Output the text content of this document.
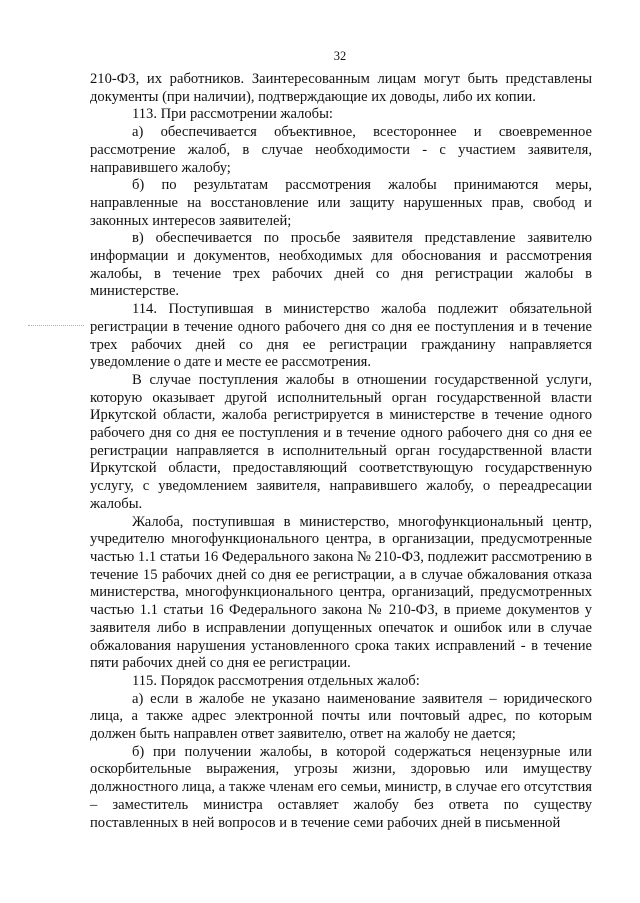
32

210-ФЗ, их работников. Заинтересованным лицам могут быть представлены документы (при наличии), подтверждающие их доводы, либо их копии.

113. При рассмотрении жалобы:

а) обеспечивается объективное, всестороннее и своевременное рассмотрение жалоб, в случае необходимости - с участием заявителя, направившего жалобу;

б) по результатам рассмотрения жалобы принимаются меры, направленные на восстановление или защиту нарушенных прав, свобод и законных интересов заявителей;

в) обеспечивается по просьбе заявителя представление заявителю информации и документов, необходимых для обоснования и рассмотрения жалобы, в течение трех рабочих дней со дня регистрации жалобы в министерстве.

114. Поступившая в министерство жалоба подлежит обязательной регистрации в течение одного рабочего дня со дня ее поступления и в течение трех рабочих дней со дня ее регистрации гражданину направляется уведомление о дате и месте ее рассмотрения.

В случае поступления жалобы в отношении государственной услуги, которую оказывает другой исполнительный орган государственной власти Иркутской области, жалоба регистрируется в министерстве в течение одного рабочего дня со дня ее поступления и в течение одного рабочего дня со дня ее регистрации направляется в исполнительный орган государственной власти Иркутской области, предоставляющий соответствующую государственную услугу, с уведомлением заявителя, направившего жалобу, о переадресации жалобы.

Жалоба, поступившая в министерство, многофункциональный центр, учредителю многофункционального центра, в организации, предусмотренные частью 1.1 статьи 16 Федерального закона № 210-ФЗ, подлежит рассмотрению в течение 15 рабочих дней со дня ее регистрации, а в случае обжалования отказа министерства, многофункционального центра, организаций, предусмотренных частью 1.1 статьи 16 Федерального закона № 210-ФЗ, в приеме документов у заявителя либо в исправлении допущенных опечаток и ошибок или в случае обжалования нарушения установленного срока таких исправлений - в течение пяти рабочих дней со дня ее регистрации.

115. Порядок рассмотрения отдельных жалоб:

а) если в жалобе не указано наименование заявителя – юридического лица, а также адрес электронной почты или почтовый адрес, по которым должен быть направлен ответ заявителю, ответ на жалобу не дается;

б) при получении жалобы, в которой содержаться нецензурные или оскорбительные выражения, угрозы жизни, здоровью или имуществу должностного лица, а также членам его семьи, министр, в случае его отсутствия – заместитель министра оставляет жалобу без ответа по существу поставленных в ней вопросов и в течение семи рабочих дней в письменной
